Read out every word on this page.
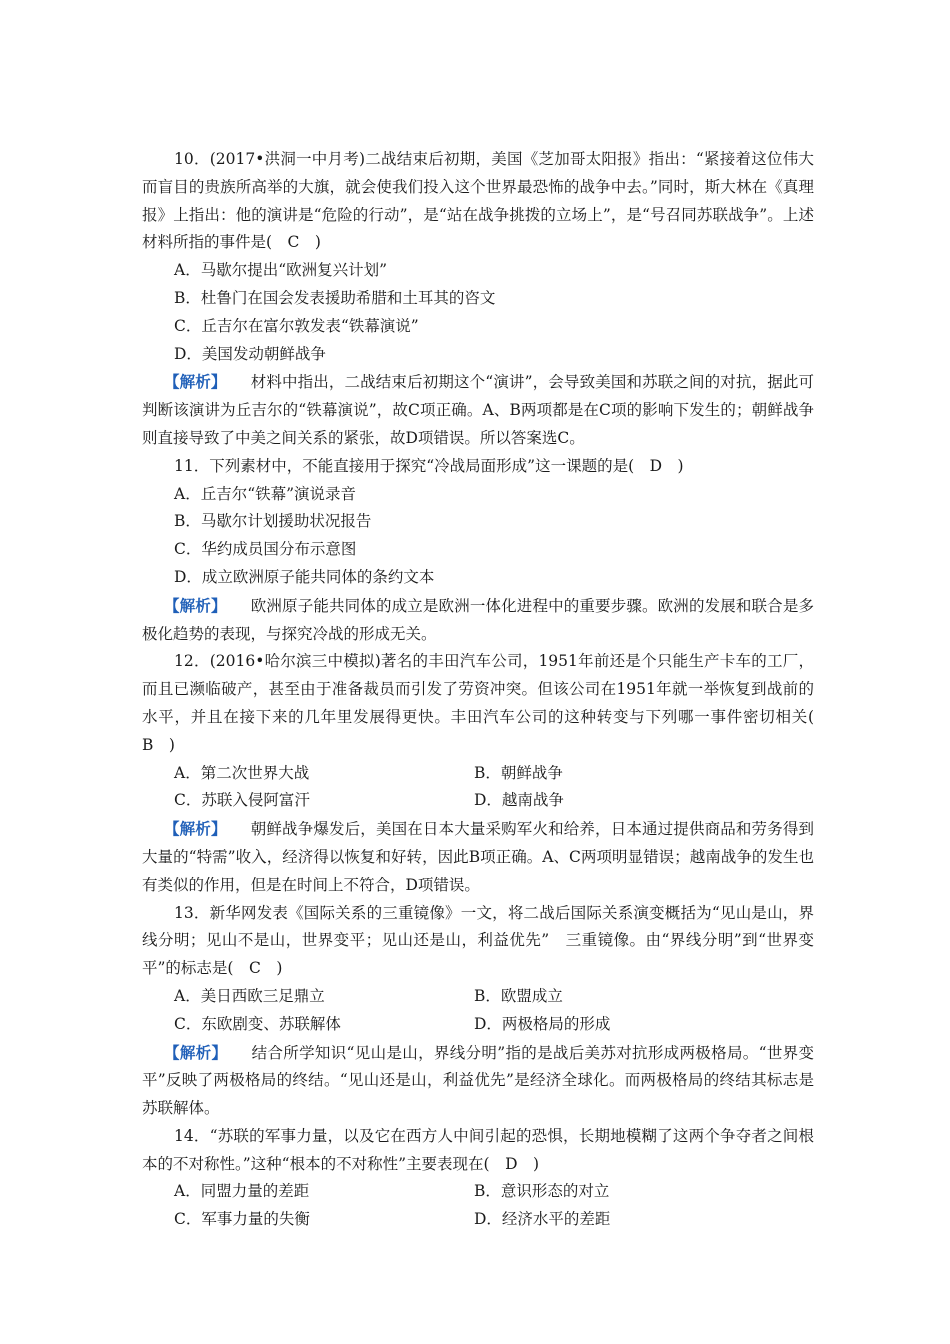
10．(2017•洪洞一中月考)二战结束后初期，美国《芝加哥太阳报》指出：“紧接着这位伟大而盲目的贵族所高举的大旗，就会使我们投入这个世界最恐怖的战争中去。”同时，斯大林在《真理报》上指出：他的演讲是“危险的行动”，是“站在战争挑拨的立场上”，是“号召同苏联战争”。上述材料所指的事件是(　C　)
A．马歇尔提出“欧洲复兴计划”
B．杜鲁门在国会发表援助希腊和土耳其的咨文
C．丘吉尔在富尔敦发表“铁幕演说”
D．美国发动朝鲜战争
【解析】 材料中指出，二战结束后初期这个“演讲”，会导致美国和苏联之间的对抗，据此可判断该演讲为丘吉尔的“铁幕演说”，故C项正确。A、B两项都是在C项的影响下发生的；朝鲜战争则直接导致了中美之间关系的紧张，故D项错误。所以答案选C。
11．下列素材中，不能直接用于探究“冷战局面形成”这一课题的是(　D　)
A．丘吉尔“铁幕”演说录音
B．马歇尔计划援助状况报告
C．华约成员国分布示意图
D．成立欧洲原子能共同体的条约文本
【解析】 欧洲原子能共同体的成立是欧洲一体化进程中的重要步骤。欧洲的发展和联合是多极化趋势的表现，与探究冷战的形成无关。
12．(2016•哈尔滨三中模拟)著名的丰田汽车公司，1951年前还是个只能生产卡车的工厂，而且已濒临破产，甚至由于准备裁员而引发了劳资冲突。但该公司在1951年就一举恢复到战前的水平，并且在接下来的几年里发展得更快。丰田汽车公司的这种转变与下列哪一事件密切相关(　B　)
A．第二次世界大战	B．朝鲜战争
C．苏联入侵阿富汗	D．越南战争
【解析】 朝鲜战争爆发后，美国在日本大量采购军火和给养，日本通过提供商品和劳务得到大量的“特需”收入，经济得以恢复和好转，因此B项正确。A、C两项明显错误；越南战争的发生也有类似的作用，但是在时间上不符合，D项错误。
13．新华网发表《国际关系的三重镜像》一文，将二战后国际关系演变概括为“见山是山，界线分明；见山不是山，世界变平；见山还是山，利益优先”　三重镜像。由“界线分明”到“世界变平”的标志是(　C　)
A．美日西欧三足鼎立	B．欧盟成立
C．东欧剧变、苏联解体	D．两极格局的形成
【解析】 结合所学知识“见山是山，界线分明”指的是战后美苏对抗形成两极格局。“世界变平”反映了两极格局的终结。“见山还是山，利益优先”是经济全球化。而两极格局的终结其标志是苏联解体。
14．“苏联的军事力量，以及它在西方人中间引起的恐惧，长期地模糊了这两个争夺者之间根本的不对称性。”这种“根本的不对称性”主要表现在(　D　)
A．同盟力量的差距	B．意识形态的对立
C．军事力量的失衡	D．经济水平的差距
